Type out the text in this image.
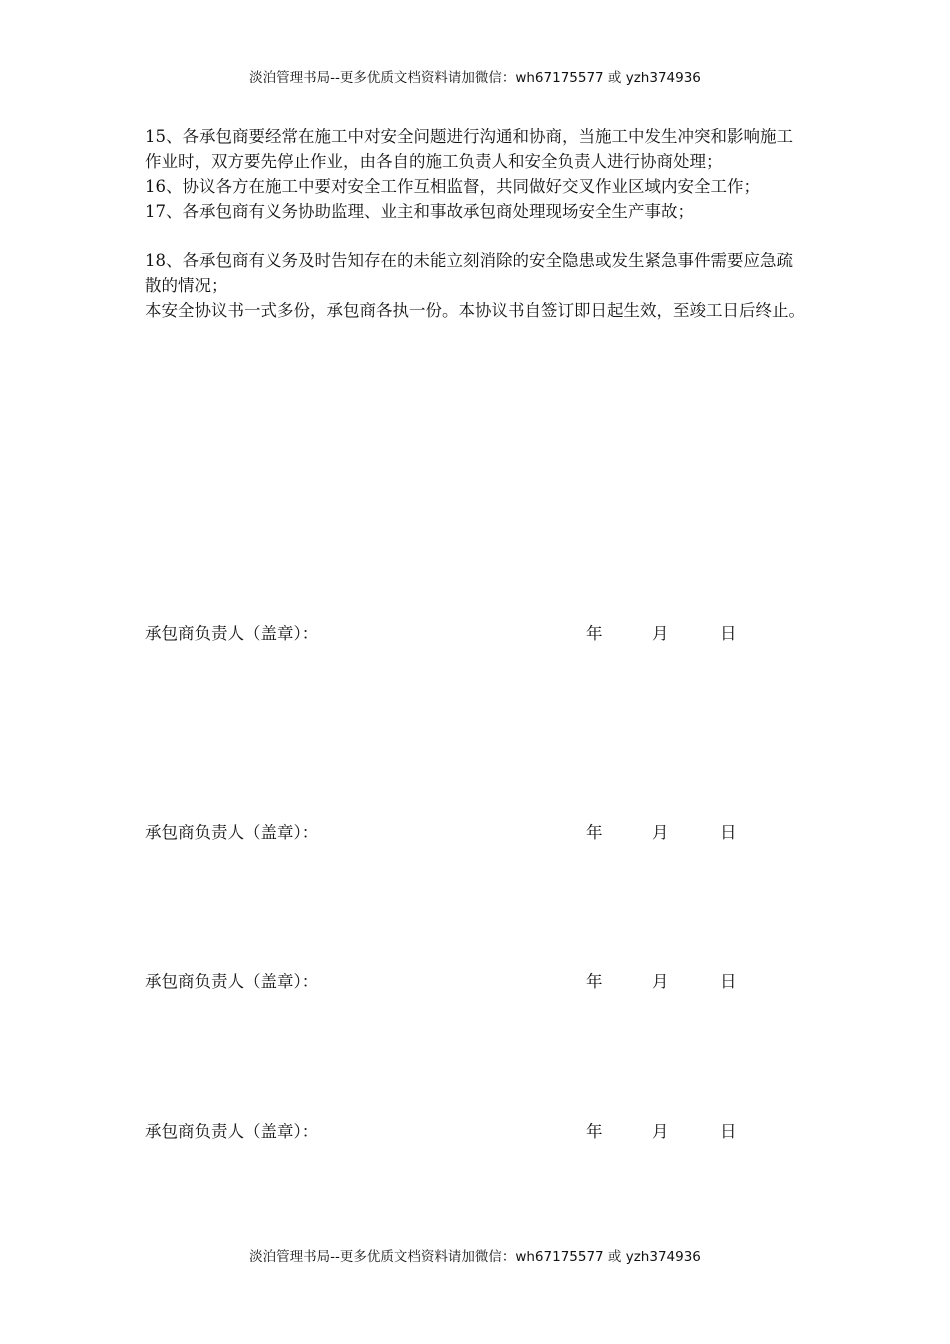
淡泊管理书局--更多优质文档资料请加微信：wh67175577 或 yzh374936

15、各承包商要经常在施工中对安全问题进行沟通和协商，当施工中发生冲突和影响施工作业时，双方要先停止作业，由各自的施工负责人和安全负责人进行协商处理；

16、协议各方在施工中要对安全工作互相监督，共同做好交叉作业区域内安全工作；

17、各承包商有义务协助监理、业主和事故承包商处理现场安全生产事故；

18、各承包商有义务及时告知存在的未能立刻消除的安全隐患或发生紧急事件需要应急疏散的情况；

本安全协议书一式多份，承包商各执一份。本协议书自签订即日起生效，至竣工日后终止。

承包商负责人（盖章）：	年	月	日
承包商负责人（盖章）：	年	月	日
承包商负责人（盖章）：	年	月	日
承包商负责人（盖章）：	年	月	日
淡泊管理书局--更多优质文档资料请加微信：wh67175577 或 yzh374936
